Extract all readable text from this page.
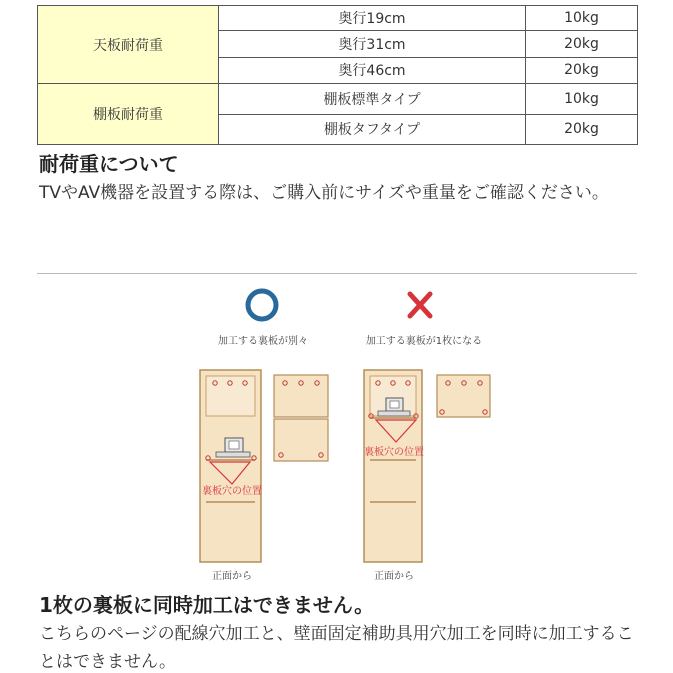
天板耐荷重	奥行19cm	10kg
	奥行31cm	20kg
	奥行46cm	20kg
棚板耐荷重	棚板標準タイプ	10kg
	棚板タフタイプ	20kg
耐荷重について
TVやAV機器を設置する際は、ご購入前にサイズや重量をご確認ください。
加工する裏板が別々	加工する裏板が1枚になる
裏板穴の位置
正面から
裏板穴の位置
正面から
1枚の裏板に同時加工はできません。
こちらのページの配線穴加工と、壁面固定補助具用穴加工を同時に加工することはできません。
